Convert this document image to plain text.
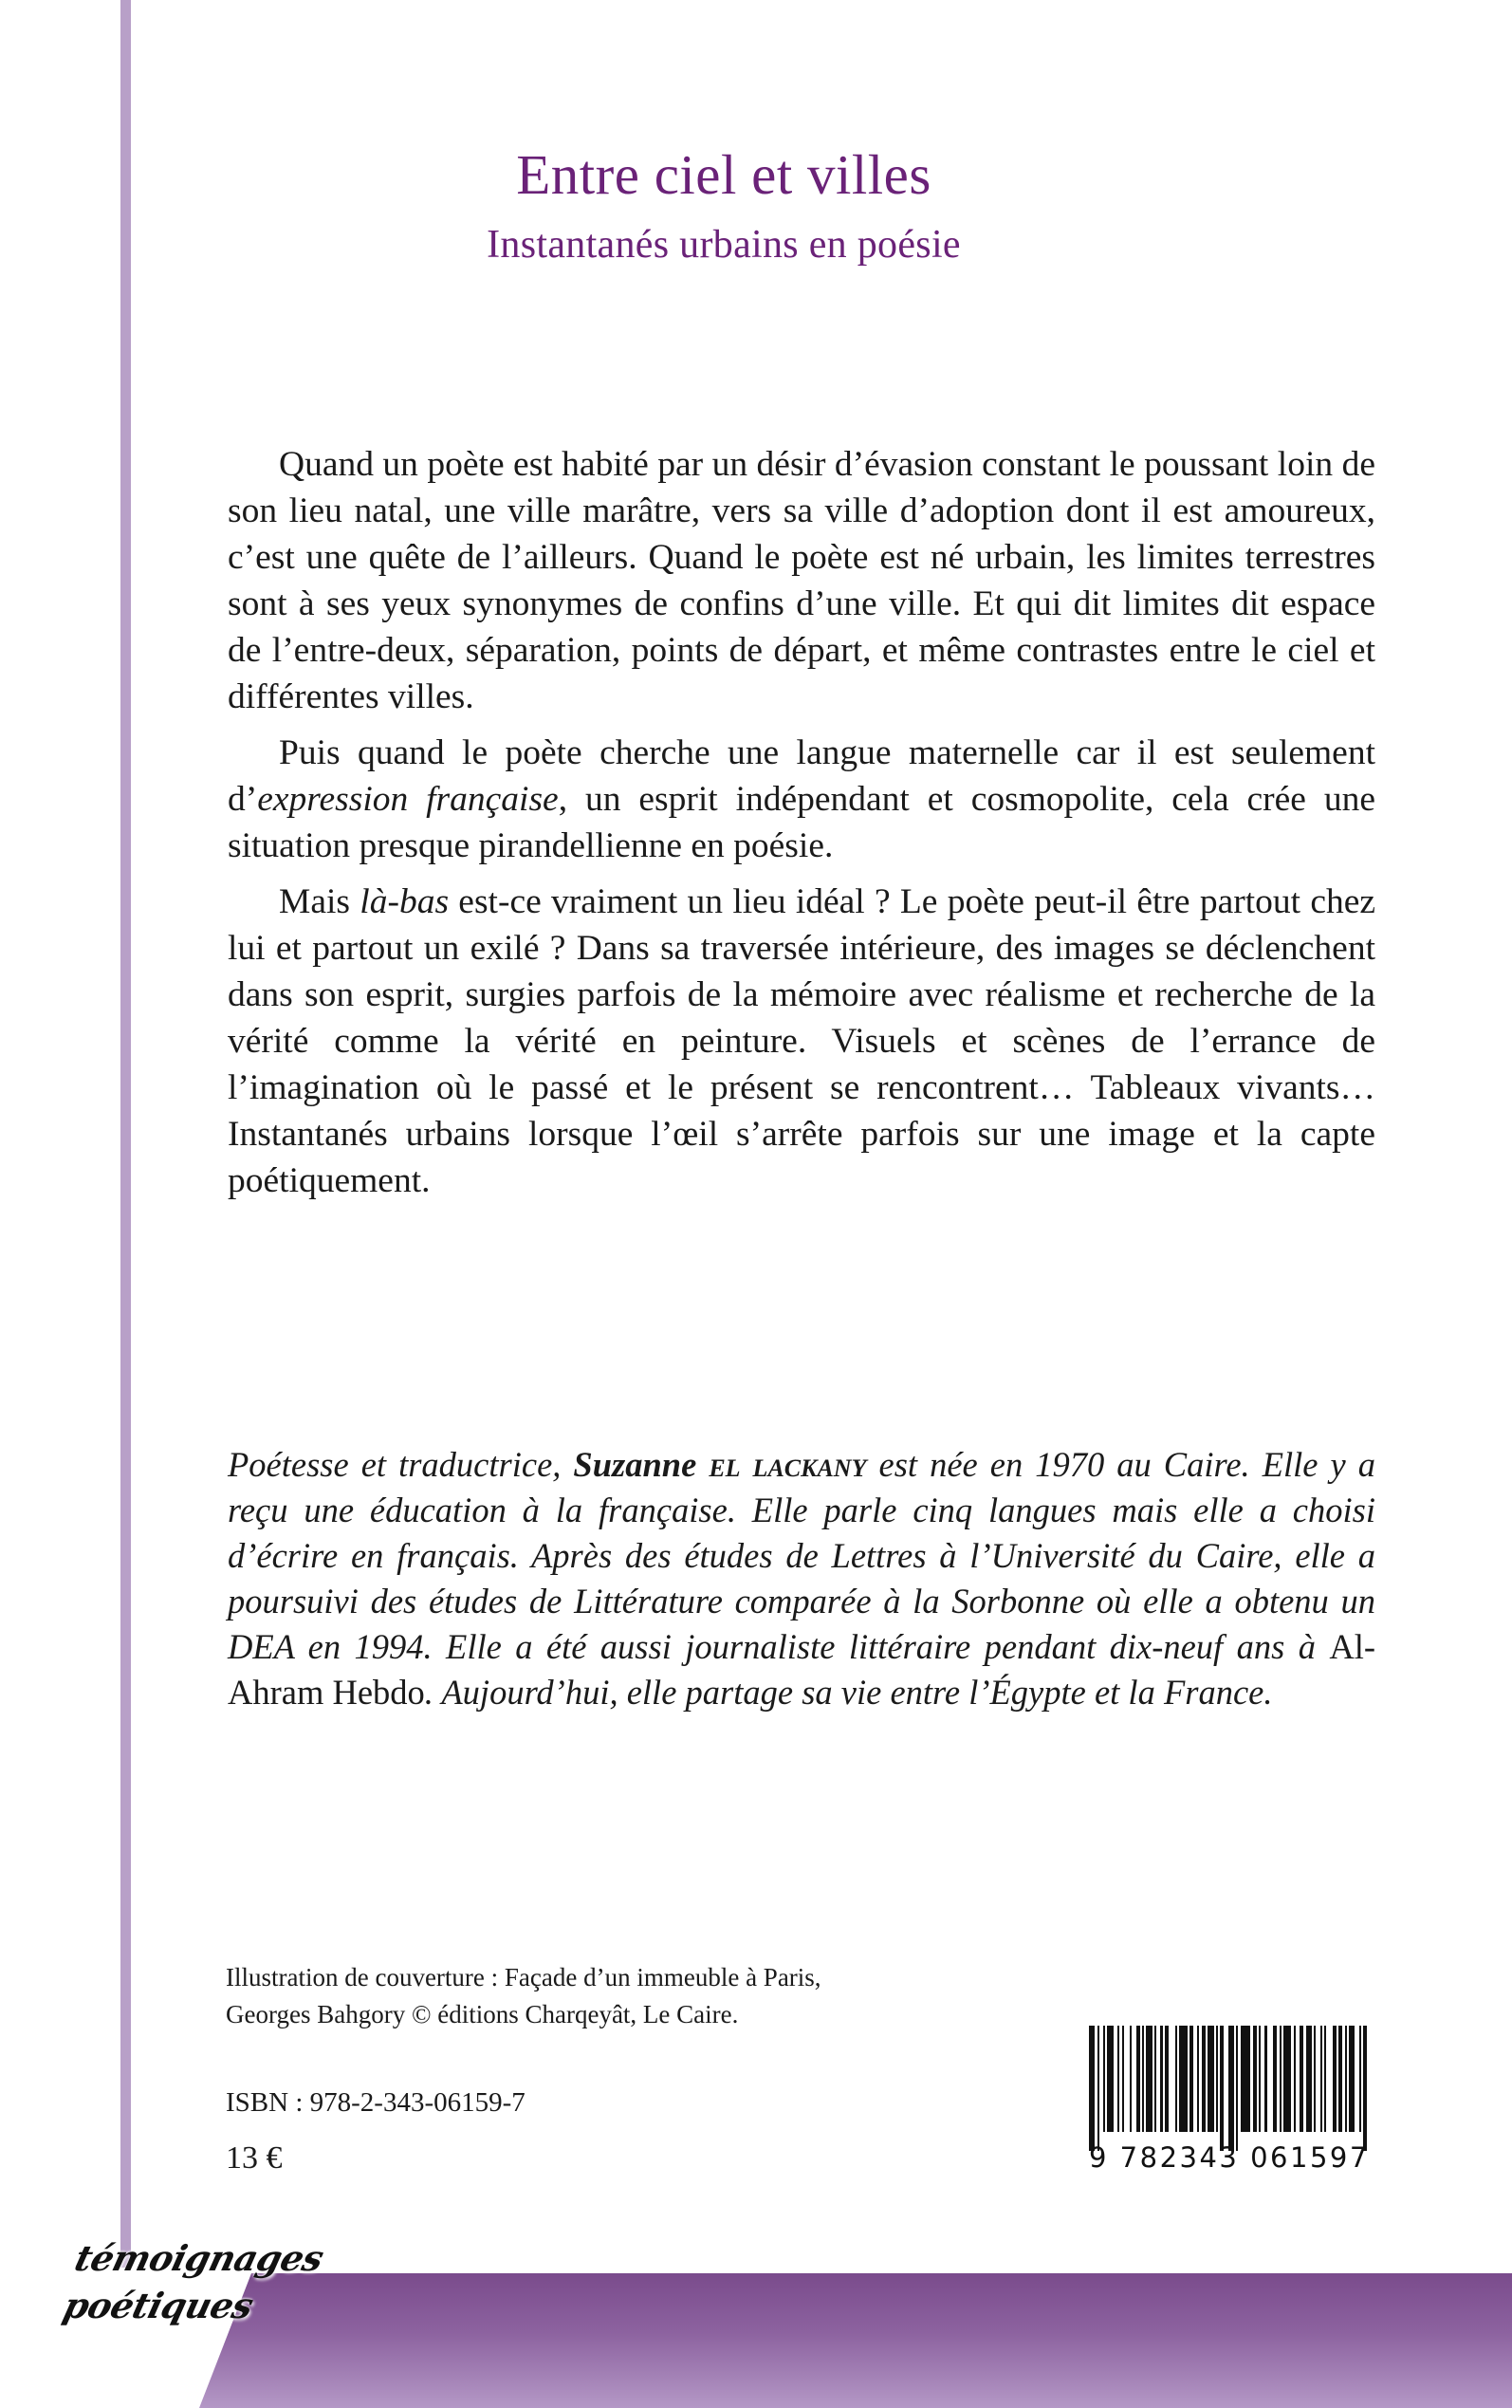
Entre ciel et villes
Instantanés urbains en poésie

Quand un poète est habité par un désir d’évasion constant le poussant loin de son lieu natal, une ville marâtre, vers sa ville d’adoption dont il est amoureux, c’est une quête de l’ailleurs. Quand le poète est né urbain, les limites terrestres sont à ses yeux synonymes de confins d’une ville. Et qui dit limites dit espace de l’entre-deux, séparation, points de départ, et même contrastes entre le ciel et différentes villes.

Puis quand le poète cherche une langue maternelle car il est seulement d’expression française, un esprit indépendant et cosmopolite, cela crée une situation presque pirandellienne en poésie.

Mais là-bas est-ce vraiment un lieu idéal ? Le poète peut-il être partout chez lui et partout un exilé ? Dans sa traversée intérieure, des images se déclenchent dans son esprit, surgies parfois de la mémoire avec réalisme et recherche de la vérité comme la vérité en peinture. Visuels et scènes de l’errance de l’imagination où le passé et le présent se rencontrent… Tableaux vivants… Instantanés urbains lorsque l’œil s’arrête parfois sur une image et la capte poétiquement.

Poétesse et traductrice, Suzanne el lackany est née en 1970 au Caire. Elle y a reçu une éducation à la française. Elle parle cinq langues mais elle a choisi d’écrire en français. Après des études de Lettres à l’Université du Caire, elle a poursuivi des études de Littérature comparée à la Sorbonne où elle a obtenu un DEA en 1994. Elle a été aussi journaliste littéraire pendant dix-neuf ans à Al-Ahram Hebdo. Aujourd’hui, elle partage sa vie entre l’Égypte et la France.

Illustration de couverture : Façade d’un immeuble à Paris,

Georges Bahgory © éditions Charqeyât, Le Caire.

ISBN : 978-2-343-06159-7
13 €	9 782343 061597
témoignages
poétiques
